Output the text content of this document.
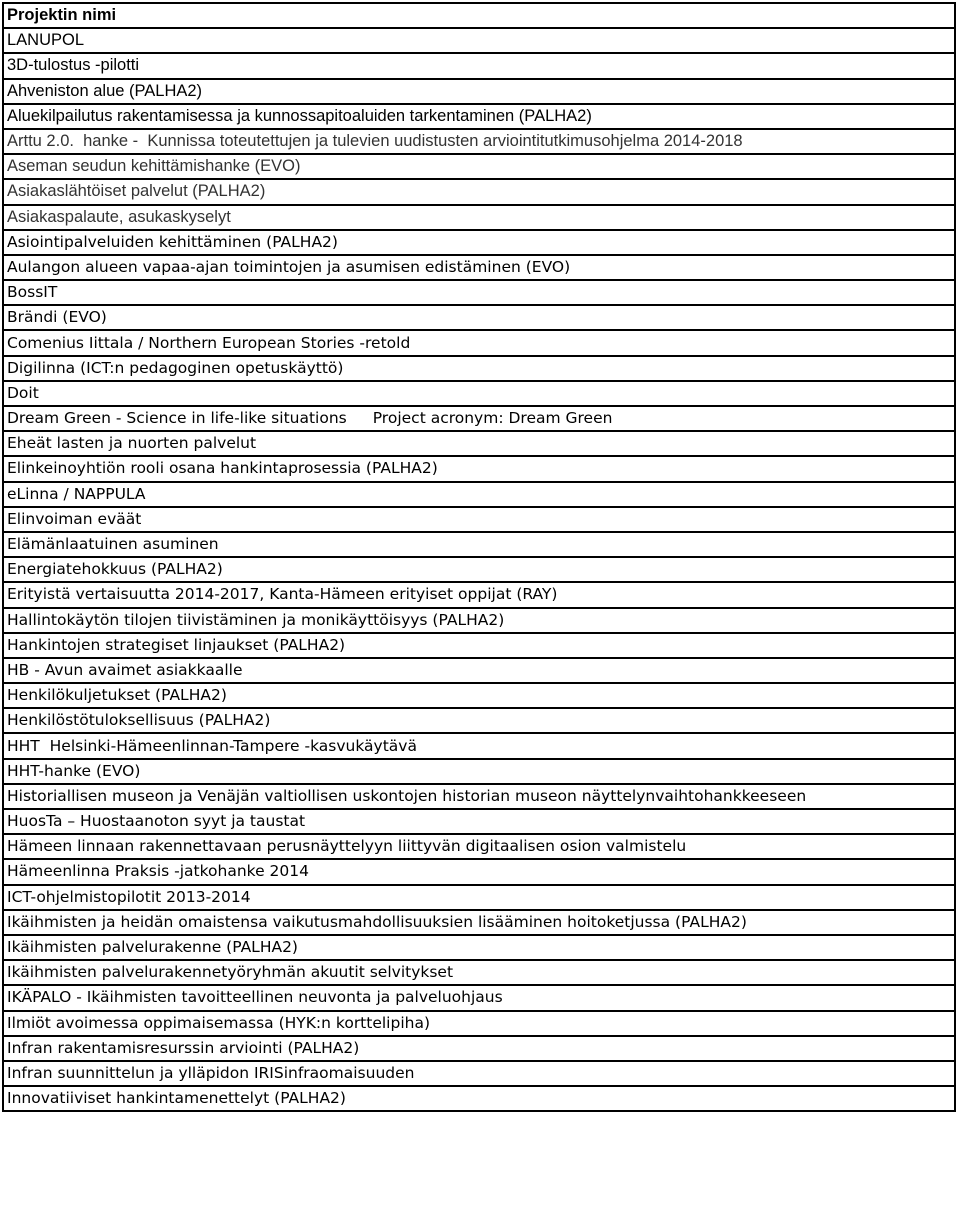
Projektin nimi
LANUPOL
3D-tulostus -pilotti
Ahveniston alue (PALHA2)
Aluekilpailutus rakentamisessa ja kunnossapitoaluiden tarkentaminen (PALHA2)
Arttu 2.0.  hanke -  Kunnissa toteutettujen ja tulevien uudistusten arviointitutkimusohjelma 2014-2018
Aseman seudun kehittämishanke (EVO)
Asiakaslähtöiset palvelut (PALHA2)
Asiakaspalaute, asukaskyselyt
Asiointipalveluiden kehittäminen (PALHA2)
Aulangon alueen vapaa-ajan toimintojen ja asumisen edistäminen (EVO)
BossIT
Brändi (EVO)
Comenius Iittala / Northern European Stories -retold
Digilinna (ICT:n pedagoginen opetuskäyttö)
Doit
Dream Green - Science in life-like situations Project acronym: Dream Green
Eheät lasten ja nuorten palvelut
Elinkeinoyhtiön rooli osana hankintaprosessia (PALHA2)
eLinna / NAPPULA
Elinvoiman eväät
Elämänlaatuinen asuminen
Energiatehokkuus (PALHA2)
Erityistä vertaisuutta 2014-2017, Kanta-Hämeen erityiset oppijat (RAY)
Hallintokäytön tilojen tiivistäminen ja monikäyttöisyys (PALHA2)
Hankintojen strategiset linjaukset (PALHA2)
HB - Avun avaimet asiakkaalle
Henkilökuljetukset (PALHA2)
Henkilöstötuloksellisuus (PALHA2)
HHT  Helsinki-Hämeenlinnan-Tampere -kasvukäytävä
HHT-hanke (EVO)
Historiallisen museon ja Venäjän valtiollisen uskontojen historian museon näyttelynvaihtohankkeeseen
HuosTa – Huostaanoton syyt ja taustat
Hämeen linnaan rakennettavaan perusnäyttelyyn liittyvän digitaalisen osion valmistelu
Hämeenlinna Praksis -jatkohanke 2014
ICT-ohjelmistopilotit 2013-2014
Ikäihmisten ja heidän omaistensa vaikutusmahdollisuuksien lisääminen hoitoketjussa (PALHA2)
Ikäihmisten palvelurakenne (PALHA2)
Ikäihmisten palvelurakennetyöryhmän akuutit selvitykset
IKÄPALO - Ikäihmisten tavoitteellinen neuvonta ja palveluohjaus
Ilmiöt avoimessa oppimaisemassa (HYK:n korttelipiha)
Infran rakentamisresurssin arviointi (PALHA2)
Infran suunnittelun ja ylläpidon IRISinfraomaisuuden
Innovatiiviset hankintamenettelyt (PALHA2)
